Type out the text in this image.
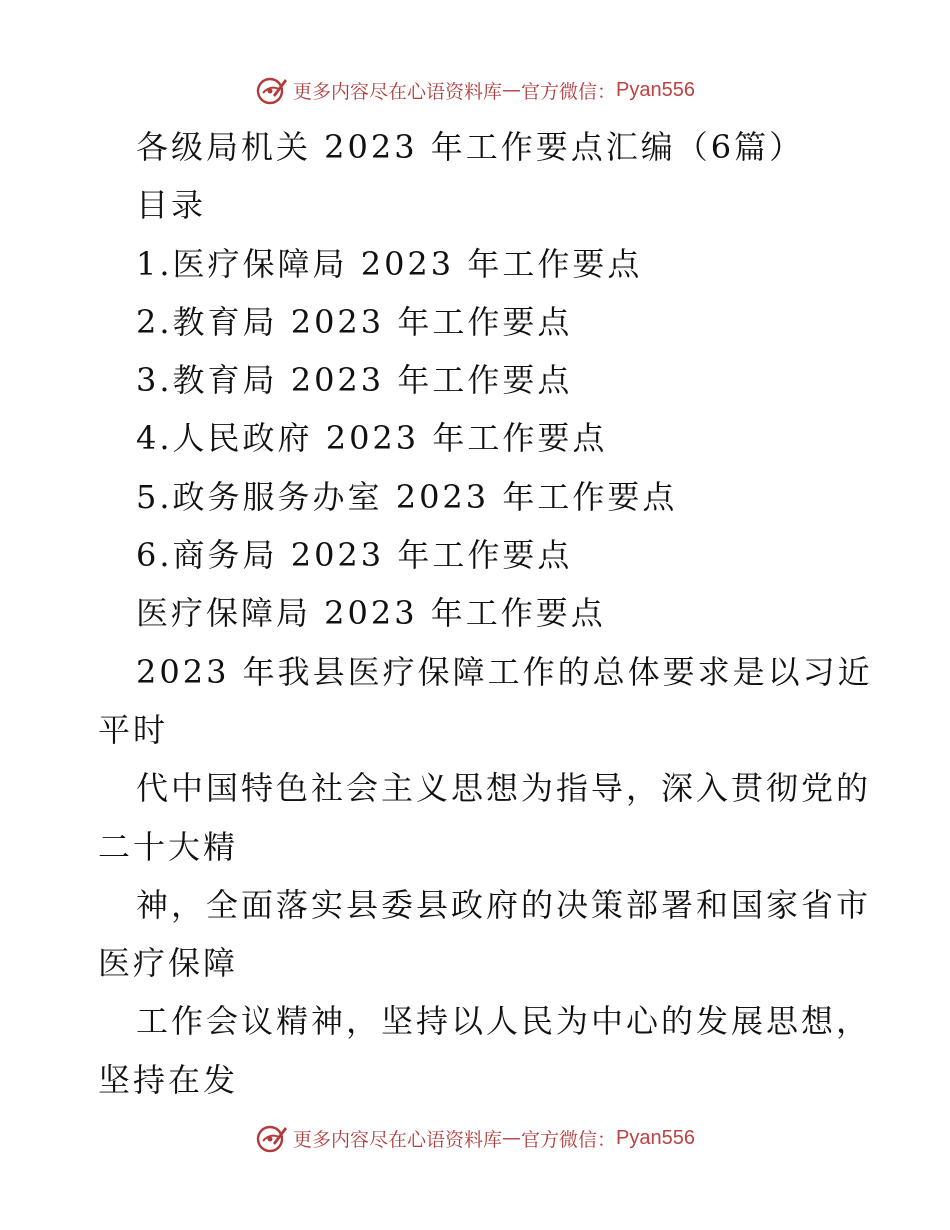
更多内容尽在心语资料库 — 官方微信： Pyan556
各级局机关 2023 年工作要点汇编（6篇）
目录
1.医疗保障局 2023 年工作要点
2.教育局 2023 年工作要点
3.教育局 2023 年工作要点
4.人民政府 2023 年工作要点
5.政务服务办室 2023 年工作要点
6.商务局 2023 年工作要点
医疗保障局 2023 年工作要点
2023 年我县医疗保障工作的总体要求是以习近
平时
代中国特色社会主义思想为指导，深入贯彻党的
二十大精
神，全面落实县委县政府的决策部署和国家省市
医疗保障
工作会议精神，坚持以人民为中心的发展思想，
坚持在发
更多内容尽在心语资料库 — 官方微信： Pyan556
